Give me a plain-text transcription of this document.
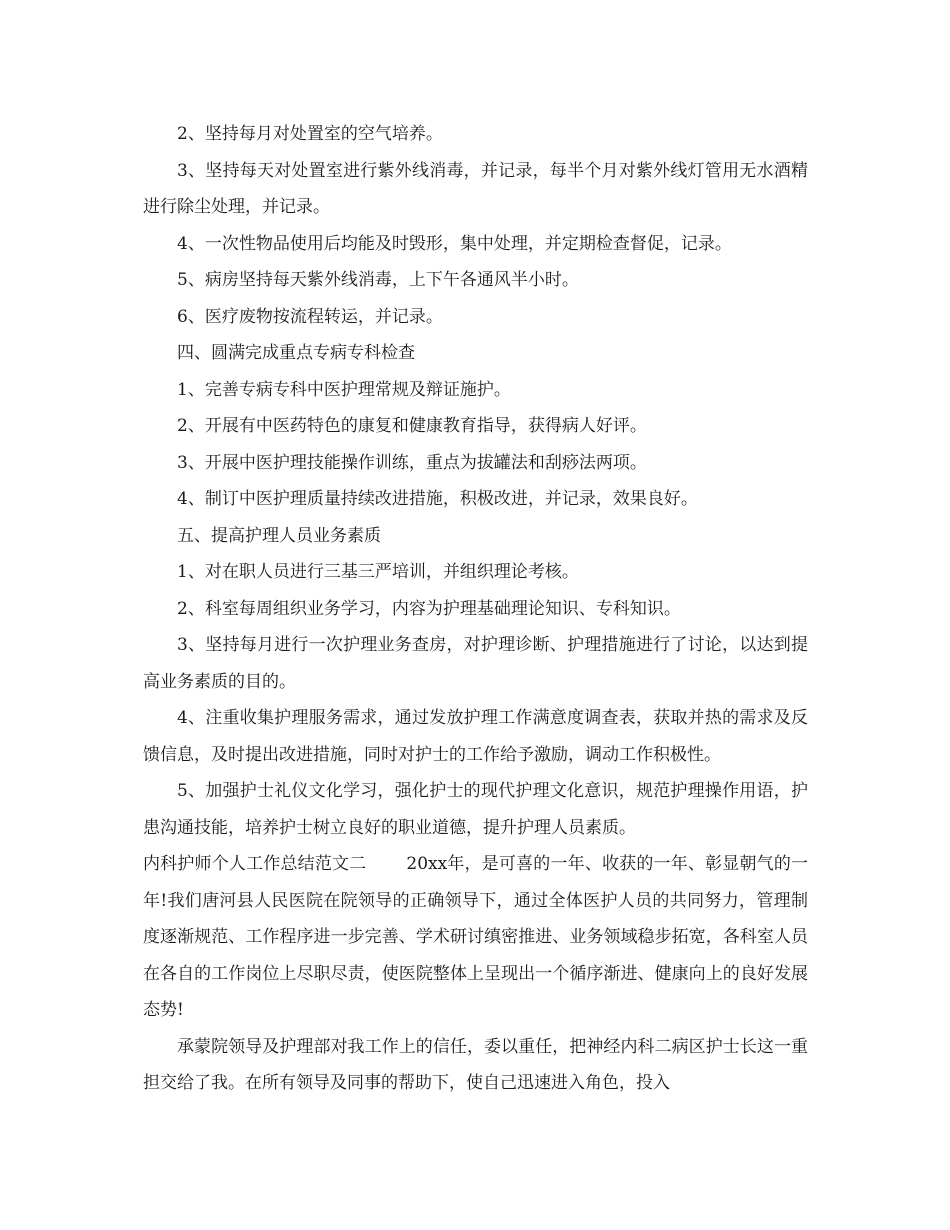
2、坚持每月对处置室的空气培养。

3、坚持每天对处置室进行紫外线消毒，并记录，每半个月对紫外线灯管用无水酒精进行除尘处理，并记录。

4、一次性物品使用后均能及时毁形，集中处理，并定期检查督促，记录。

5、病房坚持每天紫外线消毒，上下午各通风半小时。

6、医疗废物按流程转运，并记录。

四、圆满完成重点专病专科检查

1、完善专病专科中医护理常规及辩证施护。

2、开展有中医药特色的康复和健康教育指导，获得病人好评。

3、开展中医护理技能操作训练，重点为拔罐法和刮痧法两项。

4、制订中医护理质量持续改进措施，积极改进，并记录，效果良好。

五、提高护理人员业务素质

1、对在职人员进行三基三严培训，并组织理论考核。

2、科室每周组织业务学习，内容为护理基础理论知识、专科知识。

3、坚持每月进行一次护理业务查房，对护理诊断、护理措施进行了讨论，以达到提高业务素质的目的。

4、注重收集护理服务需求，通过发放护理工作满意度调查表，获取并热的需求及反馈信息，及时提出改进措施，同时对护士的工作给予激励，调动工作积极性。

5、加强护士礼仪文化学习，强化护士的现代护理文化意识，规范护理操作用语，护患沟通技能，培养护士树立良好的职业道德，提升护理人员素质。

内科护师个人工作总结范文二 20xx年，是可喜的一年、收获的一年、彰显朝气的一年!我们唐河县人民医院在院领导的正确领导下，通过全体医护人员的共同努力，管理制度逐渐规范、工作程序进一步完善、学术研讨缜密推进、业务领域稳步拓宽，各科室人员在各自的工作岗位上尽职尽责，使医院整体上呈现出一个循序渐进、健康向上的良好发展态势!

承蒙院领导及护理部对我工作上的信任，委以重任，把神经内科二病区护士长这一重担交给了我。在所有领导及同事的帮助下，使自己迅速进入角色，投入
